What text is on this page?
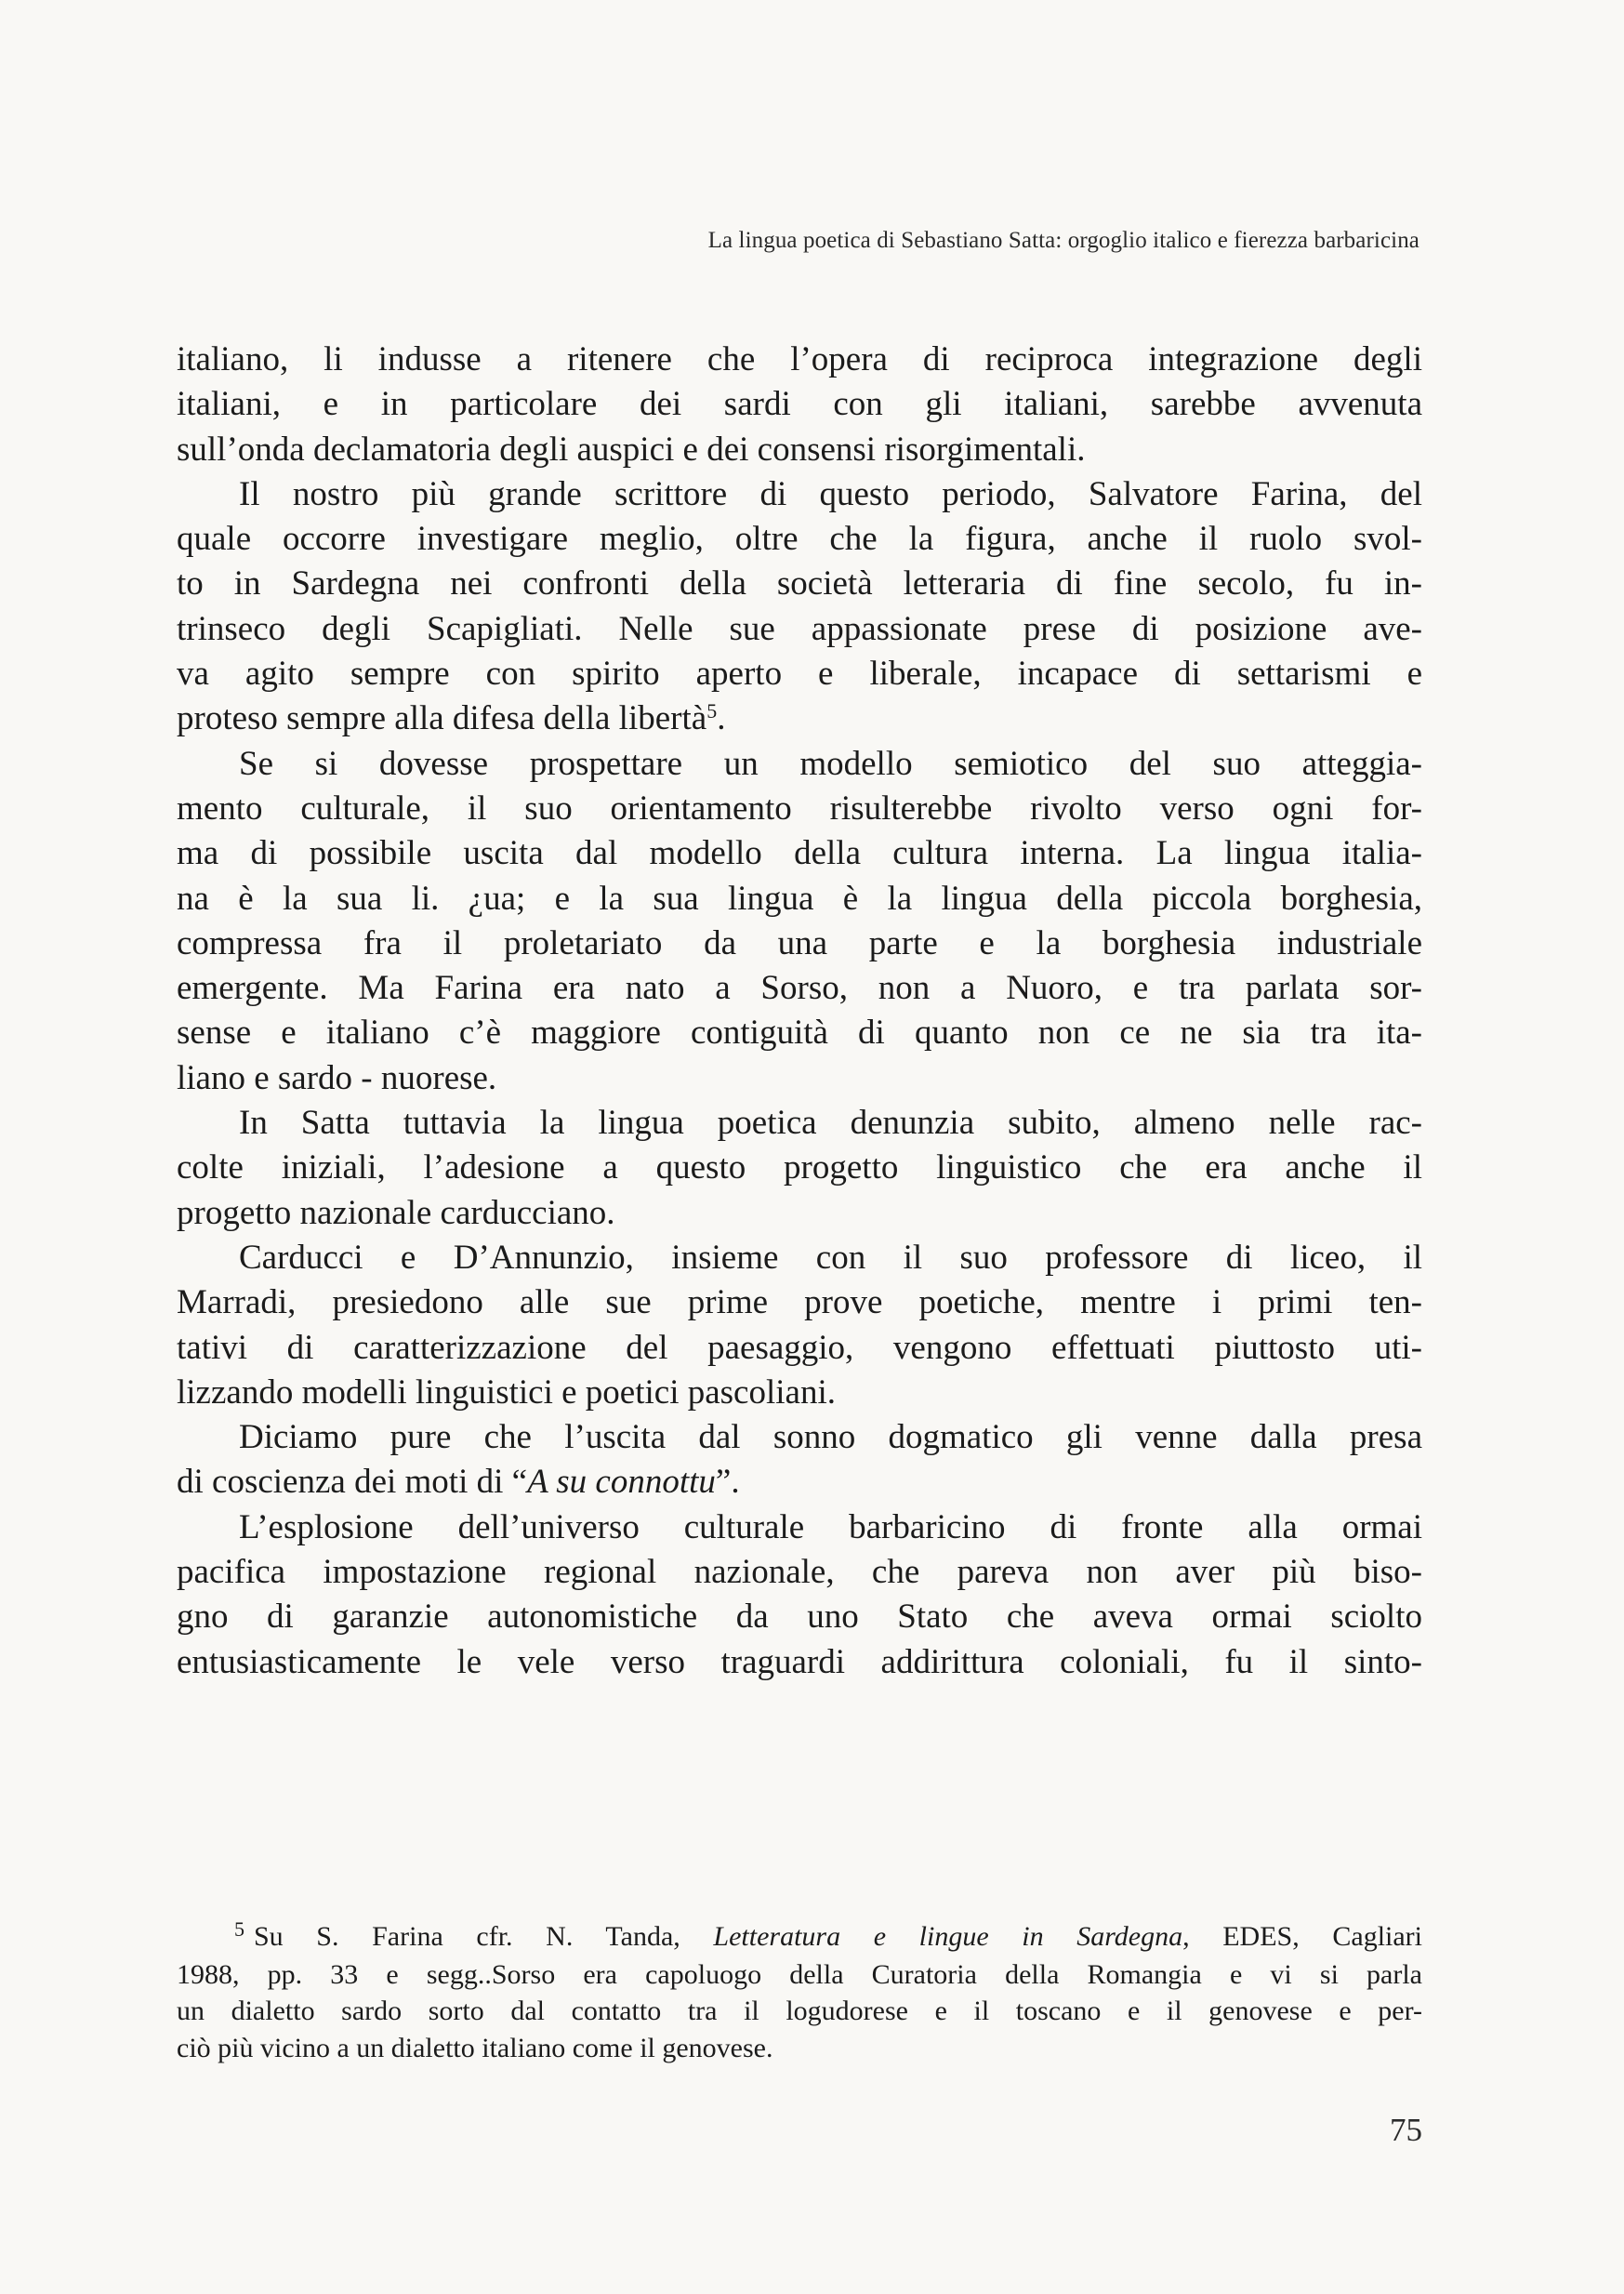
La lingua poetica di Sebastiano Satta: orgoglio italico e fierezza barbaricina
italiano, li indusse a ritenere che l’opera di reciproca integrazione degli
italiani, e in particolare dei sardi con gli italiani, sarebbe avvenuta
sull’onda declamatoria degli auspici e dei consensi risorgimentali.
Il nostro più grande scrittore di questo periodo, Salvatore Farina, del
quale occorre investigare meglio, oltre che la figura, anche il ruolo svol-
to in Sardegna nei confronti della società letteraria di fine secolo, fu in-
trinseco degli Scapigliati. Nelle sue appassionate prese di posizione ave-
va agito sempre con spirito aperto e liberale, incapace di settarismi e
proteso sempre alla difesa della libertà$^5$.
Se si dovesse prospettare un modello semiotico del suo atteggia-
mento culturale, il suo orientamento risulterebbe rivolto verso ogni for-
ma di possibile uscita dal modello della cultura interna. La lingua italia-
na è la sua li. ¿ua; e la sua lingua è la lingua della piccola borghesia,
compressa fra il proletariato da una parte e la borghesia industriale
emergente. Ma Farina era nato a Sorso, non a Nuoro, e tra parlata sor-
sense e italiano c’è maggiore contiguità di quanto non ce ne sia tra ita-
liano e sardo - nuorese.
In Satta tuttavia la lingua poetica denunzia subito, almeno nelle rac-
colte iniziali, l’adesione a questo progetto linguistico che era anche il
progetto nazionale carducciano.
Carducci e D’Annunzio, insieme con il suo professore di liceo, il
Marradi, presiedono alle sue prime prove poetiche, mentre i primi ten-
tativi di caratterizzazione del paesaggio, vengono effettuati piuttosto uti-
lizzando modelli linguistici e poetici pascoliani.
Diciamo pure che l’uscita dal sonno dogmatico gli venne dalla presa
di coscienza dei moti di “A su connottu”.
L’esplosione dell’universo culturale barbaricino di fronte alla ormai
pacifica impostazione regional nazionale, che pareva non aver più biso-
gno di garanzie autonomistiche da uno Stato che aveva ormai sciolto
entusiasticamente le vele verso traguardi addirittura coloniali, fu il sinto-
$^5$ Su S. Farina cfr. N. Tanda, Letteratura e lingue in Sardegna, EDES, Cagliari
1988, pp. 33 e segg..Sorso era capoluogo della Curatoria della Romangia e vi si parla
un dialetto sardo sorto dal contatto tra il logudorese e il toscano e il genovese e per-
ciò più vicino a un dialetto italiano come il genovese.
75
